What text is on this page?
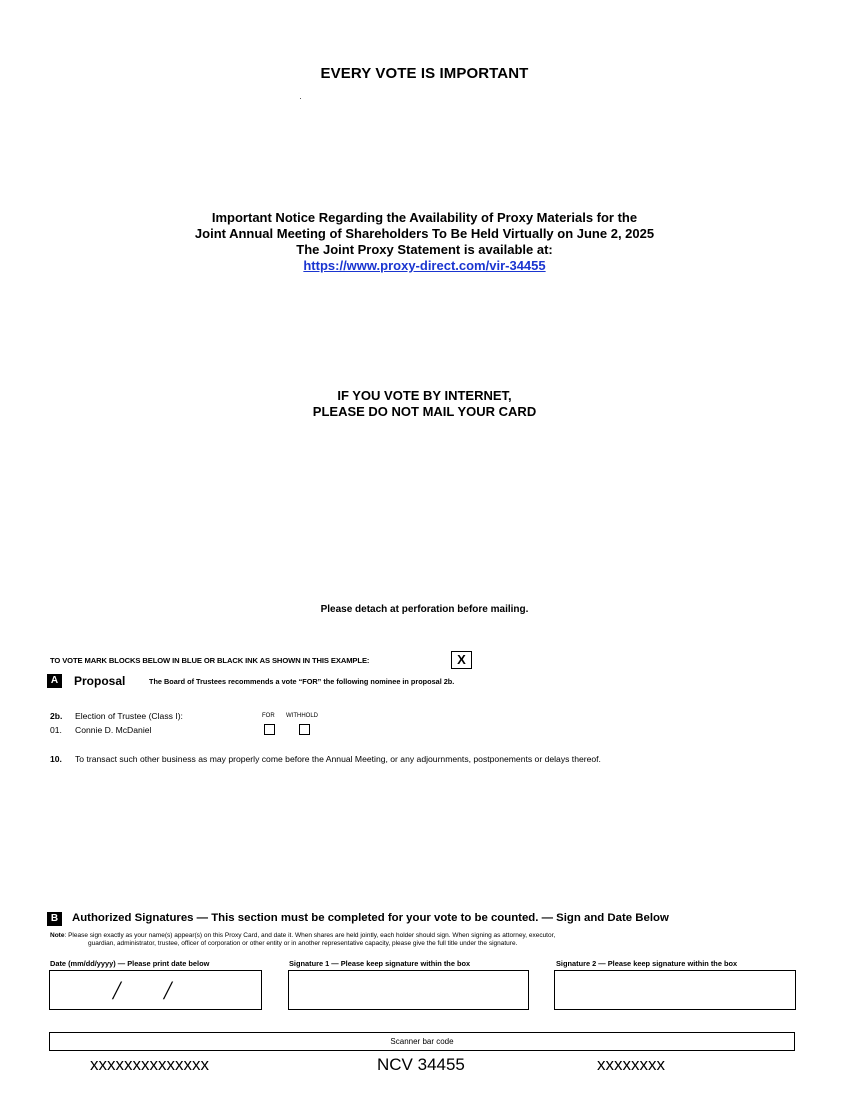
EVERY VOTE IS IMPORTANT
Important Notice Regarding the Availability of Proxy Materials for the
Joint Annual Meeting of Shareholders To Be Held Virtually on June 2, 2025
The Joint Proxy Statement is available at:
https://www.proxy-direct.com/vir-34455
IF YOU VOTE BY INTERNET,
PLEASE DO NOT MAIL YOUR CARD
Please detach at perforation before mailing.
TO VOTE MARK BLOCKS BELOW IN BLUE OR BLACK INK AS SHOWN IN THIS EXAMPLE:	X
A	Proposal	The Board of Trustees recommends a vote “FOR” the following nominee in proposal 2b.
2b. Election of Trustee (Class I):	FOR WITHHOLD
01. Connie D. McDaniel
10. To transact such other business as may properly come before the Annual Meeting, or any adjournments, postponements or delays thereof.
B	Authorized Signatures — This section must be completed for your vote to be counted. — Sign and Date Below
Note: Please sign exactly as your name(s) appear(s) on this Proxy Card, and date it. When shares are held jointly, each holder should sign. When signing as attorney, executor,
guardian, administrator, trustee, officer of corporation or other entity or in another representative capacity, please give the full title under the signature.
Date (mm/dd/yyyy) — Please print date below	Signature 1 — Please keep signature within the box	Signature 2 — Please keep signature within the box
/ /
Scanner bar code
xxxxxxxxxxxxxx	NCV 34455	xxxxxxxx
